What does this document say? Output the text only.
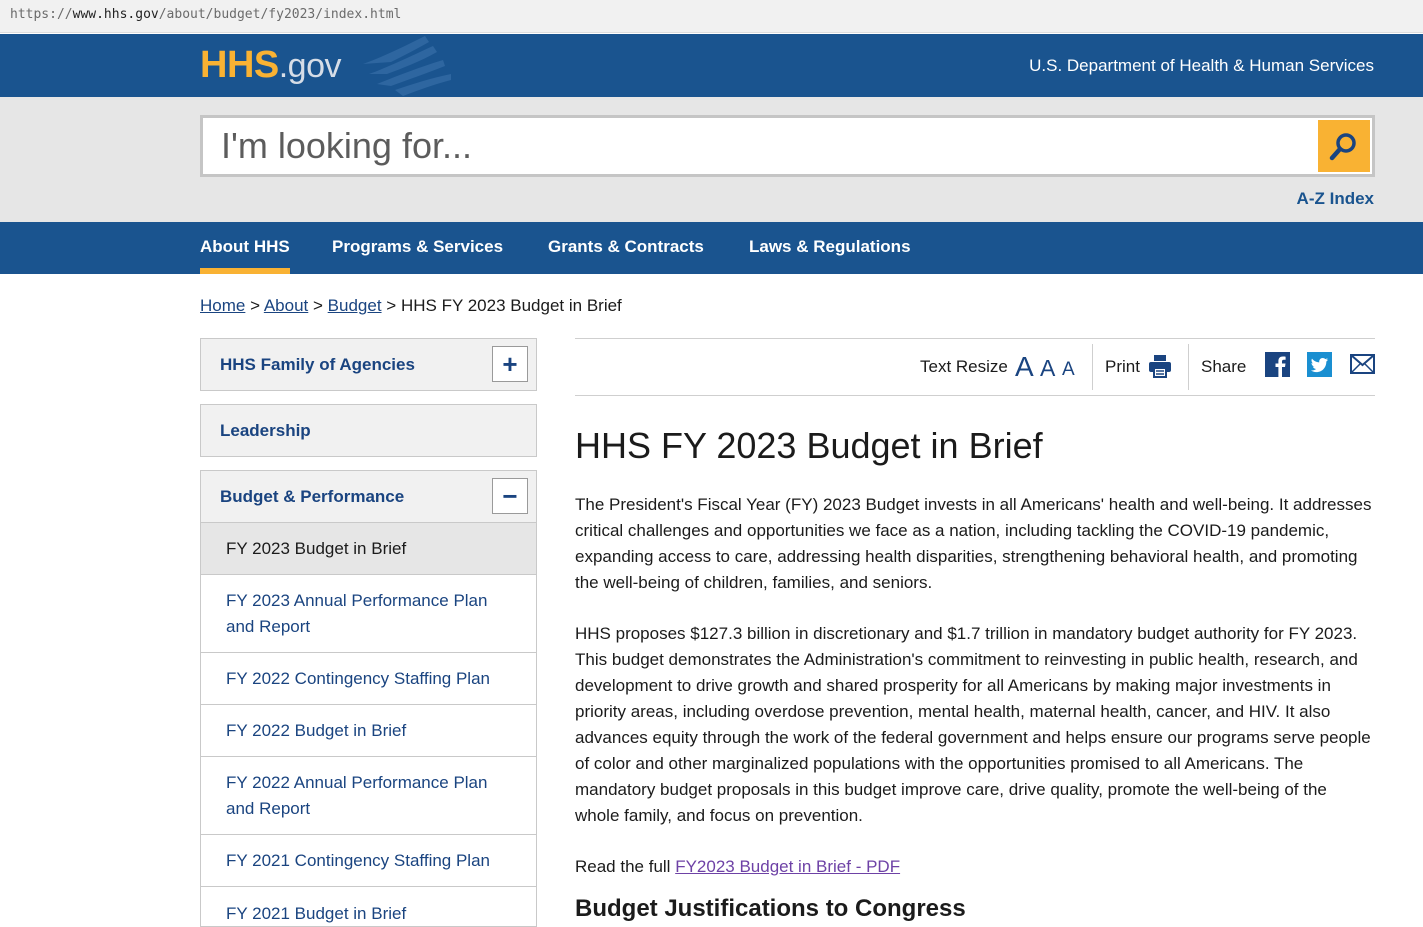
https://www.hhs.gov/about/budget/fy2023/index.html
HHS.gov	U.S. Department of Health & Human Services
I'm looking for...
A-Z Index
About HHS Programs & Services	Grants & Contracts	Laws & Regulations
Home > About > Budget > HHS FY 2023 Budget in Brief
HHS Family of Agencies	+
Leadership
Budget & Performance	−
FY 2023 Budget in Brief
FY 2023 Annual Performance Plan and Report
FY 2022 Contingency Staffing Plan
FY 2022 Budget in Brief
FY 2022 Annual Performance Plan and Report
FY 2021 Contingency Staffing Plan
FY 2021 Budget in Brief
Text Resize A A A Print	Share
HHS FY 2023 Budget in Brief

The President's Fiscal Year (FY) 2023 Budget invests in all Americans' health and well-being. It addresses critical challenges and opportunities we face as a nation, including tackling the COVID-19 pandemic, expanding access to care, addressing health disparities, strengthening behavioral health, and promoting the well-being of children, families, and seniors.

HHS proposes $127.3 billion in discretionary and $1.7 trillion in mandatory budget authority for FY 2023. This budget demonstrates the Administration's commitment to reinvesting in public health, research, and development to drive growth and shared prosperity for all Americans by making major investments in priority areas, including overdose prevention, mental health, maternal health, cancer, and HIV. It also advances equity through the work of the federal government and helps ensure our programs serve people of color and other marginalized populations with the opportunities promised to all Americans. The mandatory budget proposals in this budget improve care, drive quality, promote the well-being of the whole family, and focus on prevention.

Read the full FY2023 Budget in Brief - PDF

Budget Justifications to Congress
